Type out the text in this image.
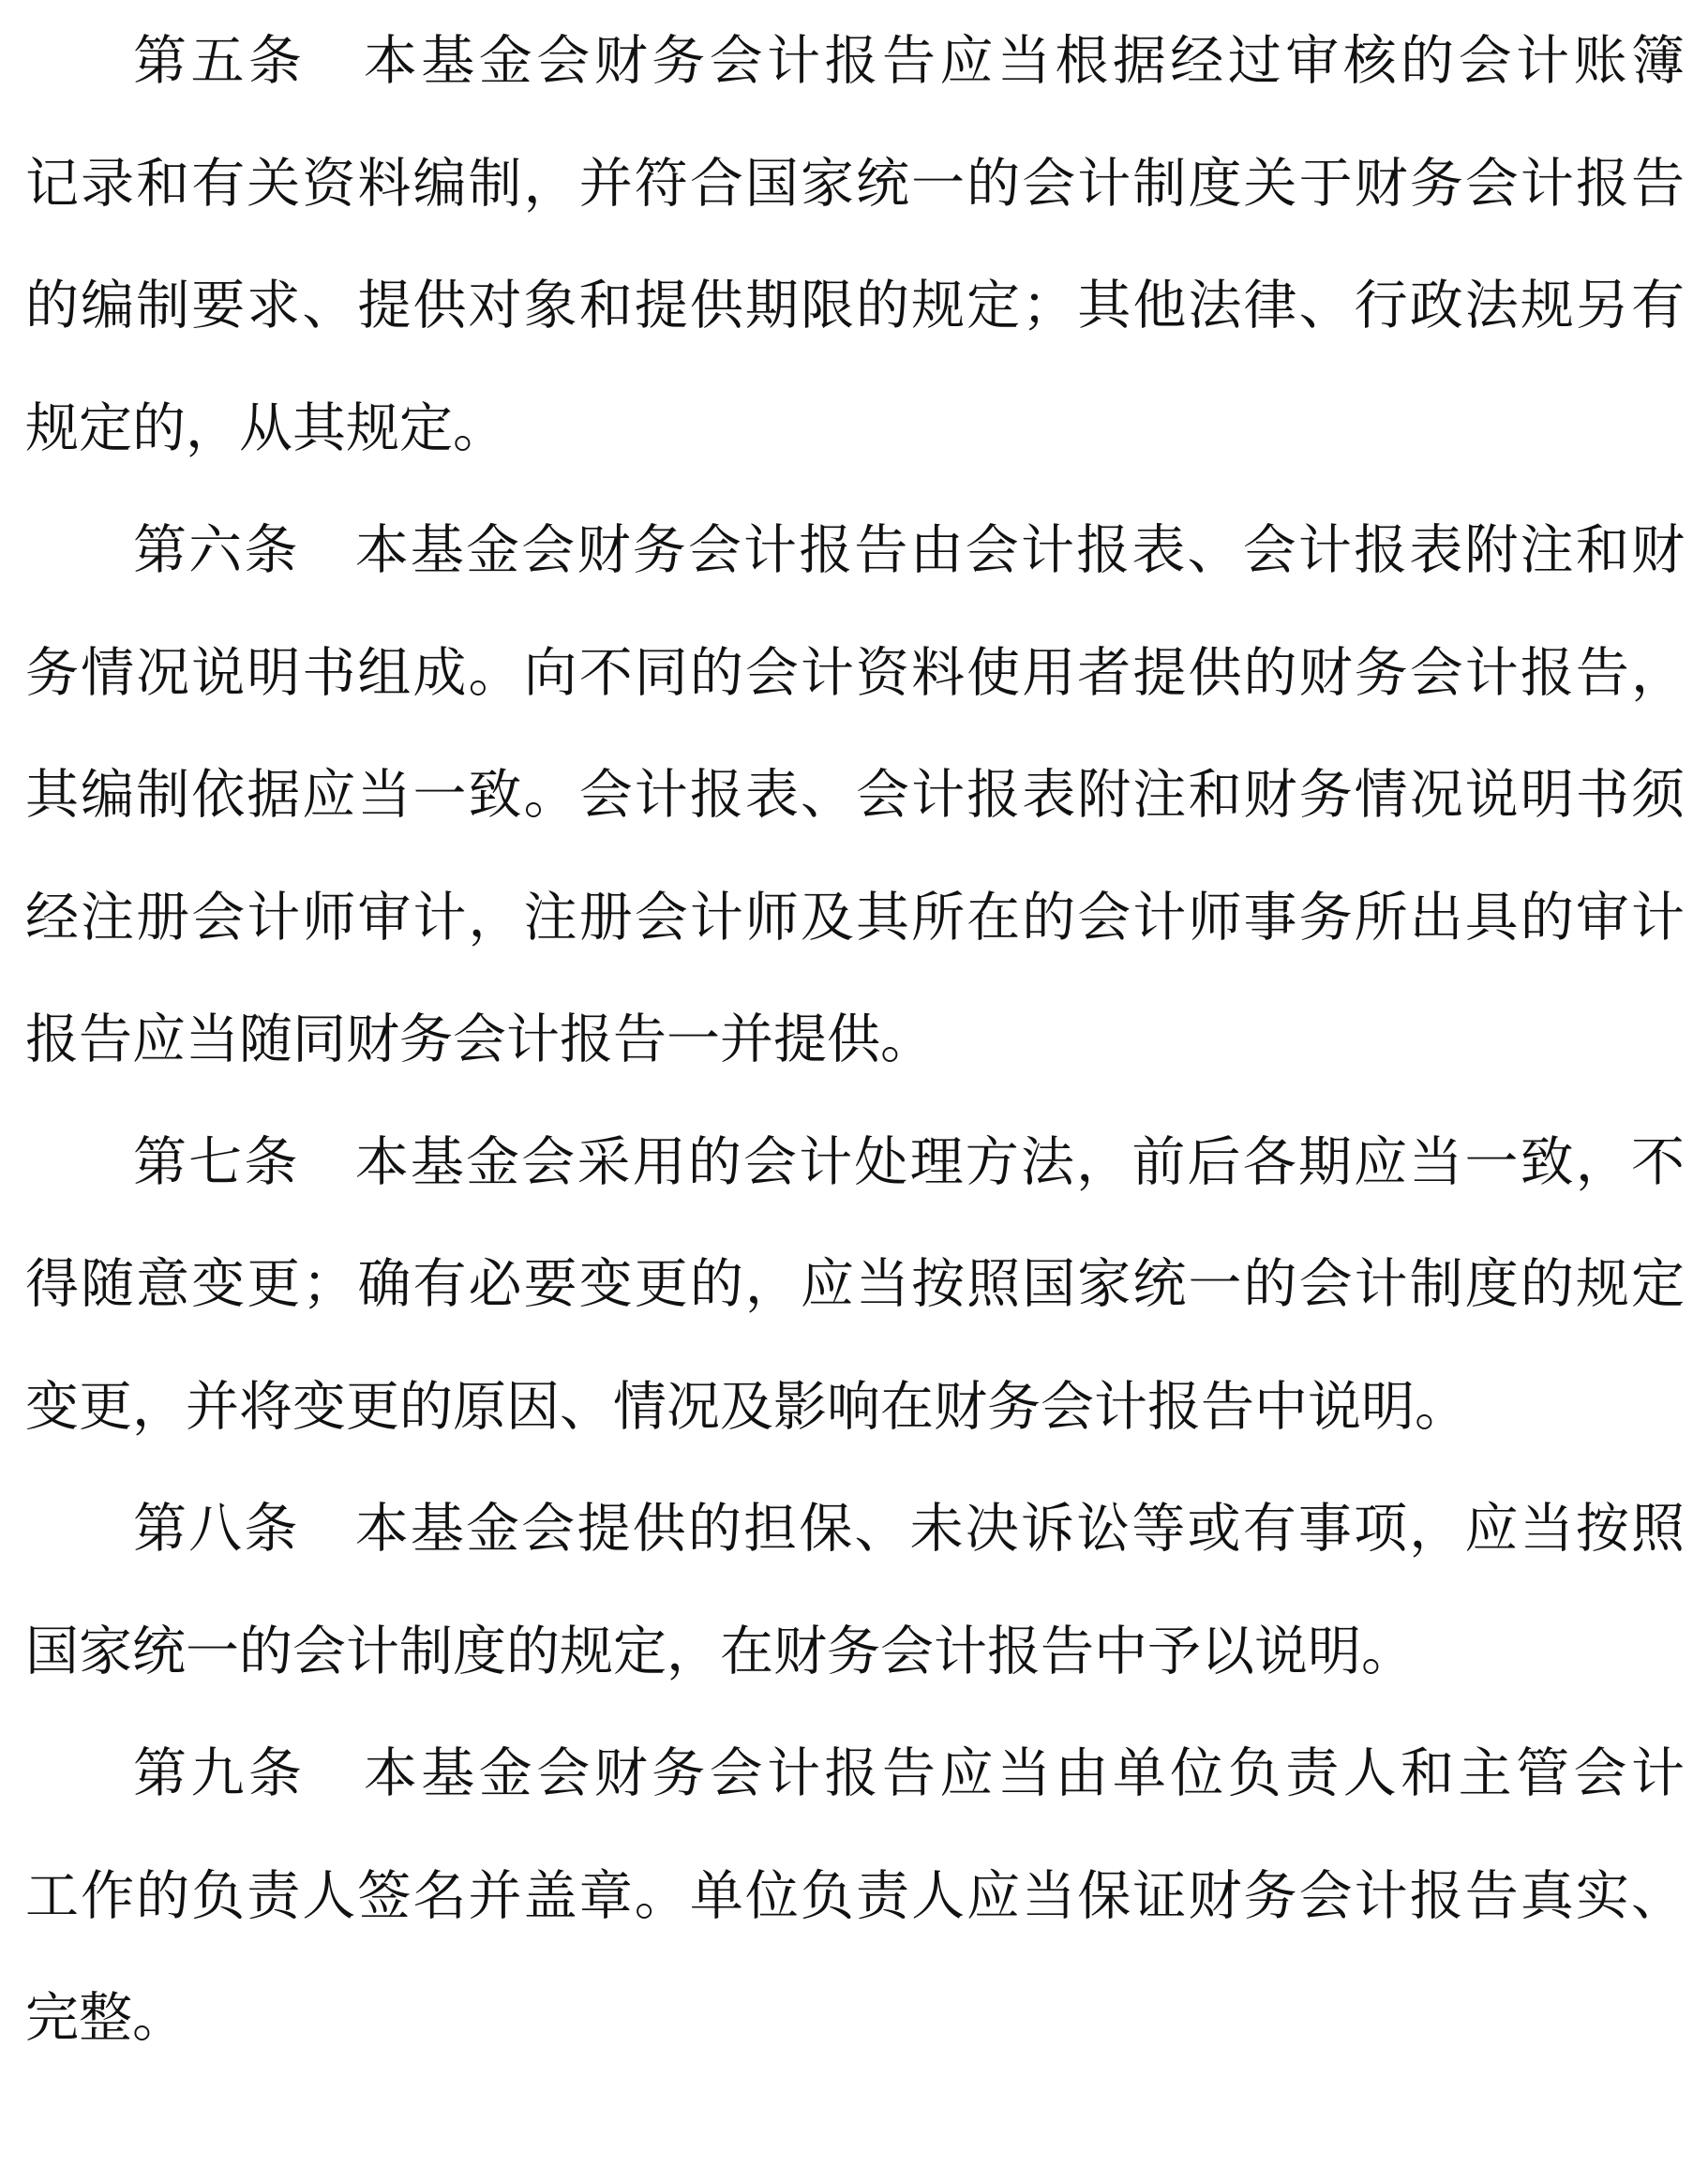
第五条　本基金会财务会计报告应当根据经过审核的会计账簿
记录和有关资料编制，并符合国家统一的会计制度关于财务会计报告
的编制要求、提供对象和提供期限的规定；其他法律、行政法规另有
规定的，从其规定。
第六条　本基金会财务会计报告由会计报表、会计报表附注和财
务情况说明书组成。向不同的会计资料使用者提供的财务会计报告，
其编制依据应当一致。会计报表、会计报表附注和财务情况说明书须
经注册会计师审计，注册会计师及其所在的会计师事务所出具的审计
报告应当随同财务会计报告一并提供。
第七条　本基金会采用的会计处理方法，前后各期应当一致，不
得随意变更；确有必要变更的，应当按照国家统一的会计制度的规定
变更，并将变更的原因、情况及影响在财务会计报告中说明。
第八条　本基金会提供的担保、未决诉讼等或有事项，应当按照
国家统一的会计制度的规定，在财务会计报告中予以说明。
第九条　本基金会财务会计报告应当由单位负责人和主管会计
工作的负责人签名并盖章。单位负责人应当保证财务会计报告真实、
完整。
